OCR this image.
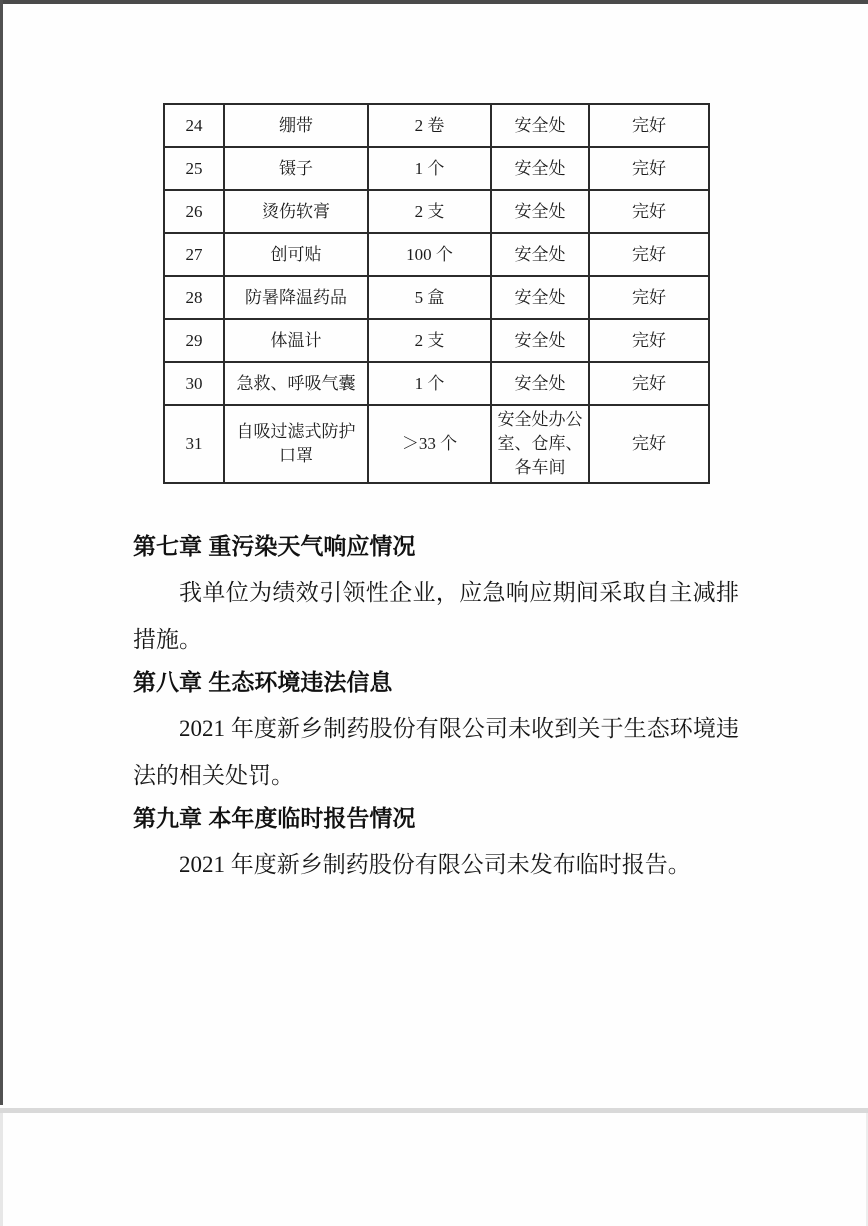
24	绷带	2 卷	安全处	完好
25	镊子	1 个	安全处	完好
26	烫伤软膏	2 支	安全处	完好
27	创可贴	100 个	安全处	完好
28	防暑降温药品	5 盒	安全处	完好
29	体温计	2 支	安全处	完好
30	急救、呼吸气囊	1 个	安全处	完好
31	自吸过滤式防护口罩	＞33 个	安全处办公室、仓库、各车间	完好
第七章 重污染天气响应情况

我单位为绩效引领性企业，应急响应期间采取自主减排措施。

第八章 生态环境违法信息

2021 年度新乡制药股份有限公司未收到关于生态环境违法的相关处罚。

第九章 本年度临时报告情况

2021 年度新乡制药股份有限公司未发布临时报告。
